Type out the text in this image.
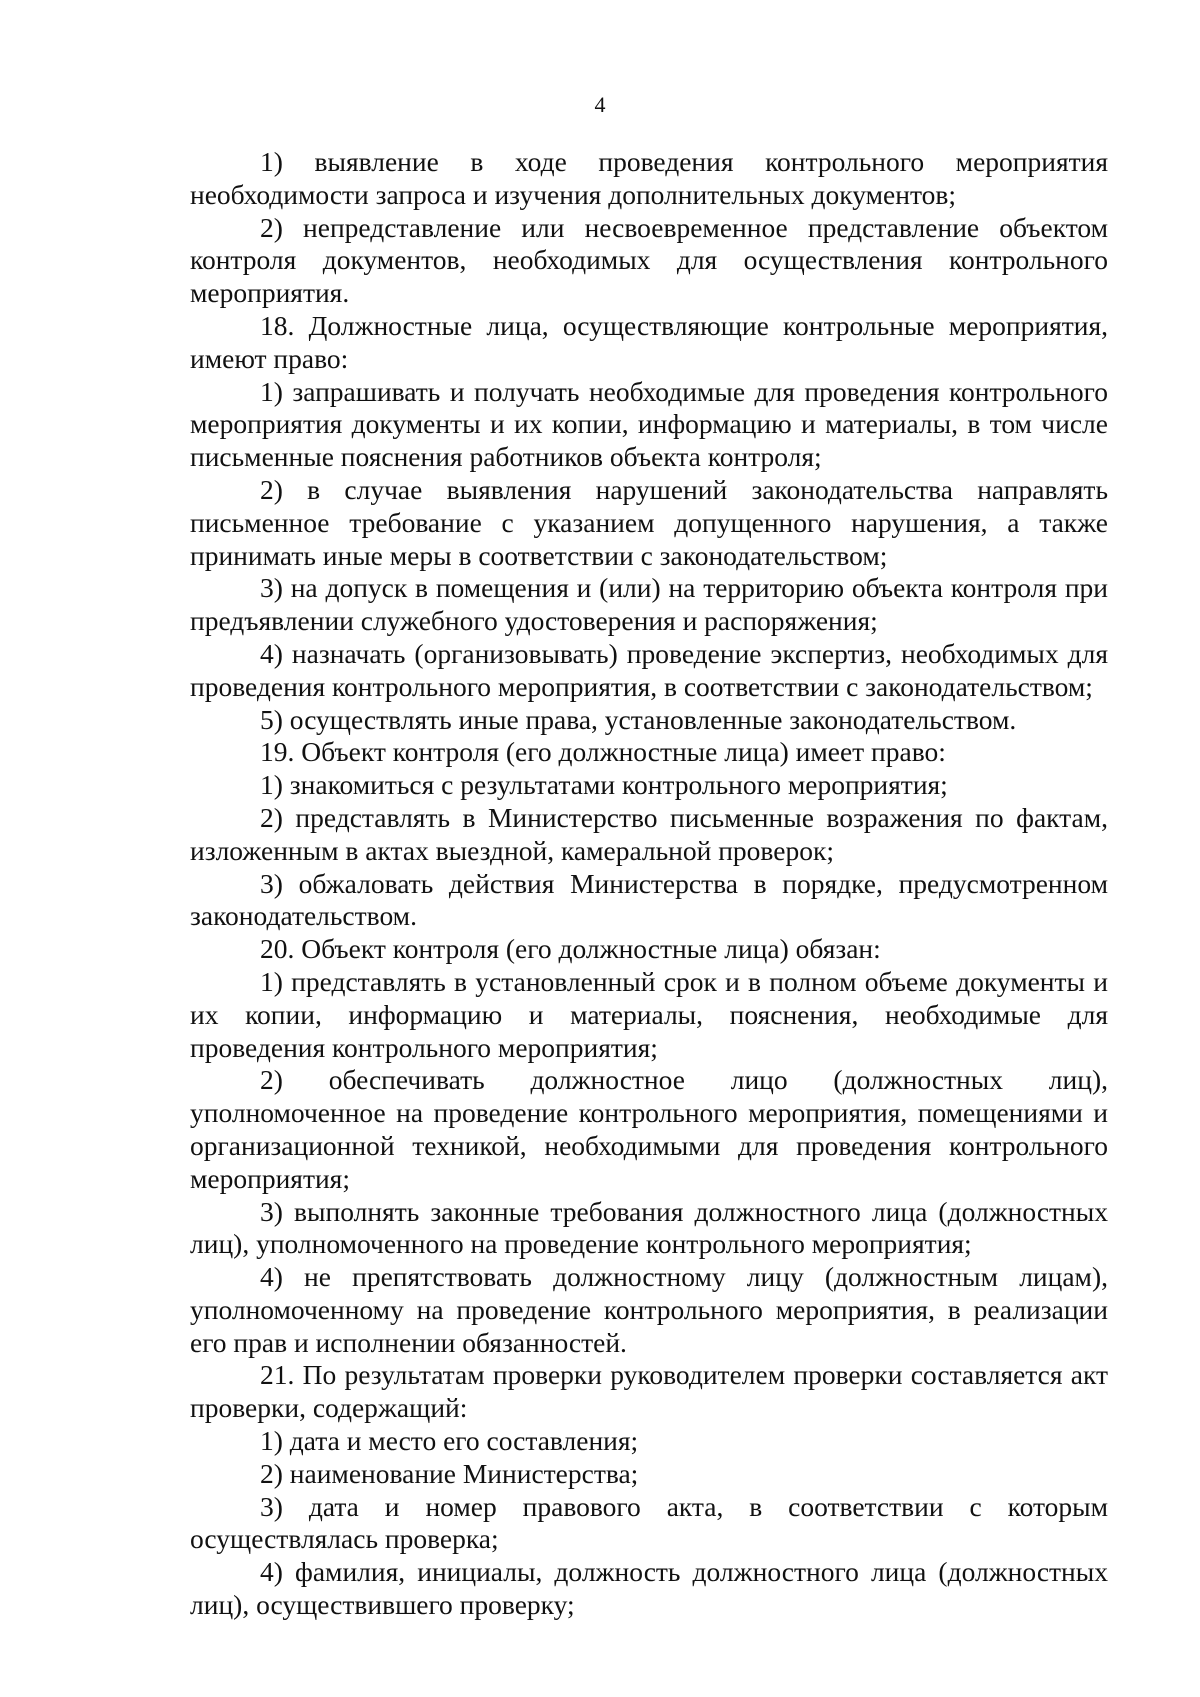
4

1) выявление в ходе проведения контрольного мероприятия необходимости запроса и изучения дополнительных документов;

2) непредставление или несвоевременное представление объектом контроля документов, необходимых для осуществления контрольного мероприятия.

18. Должностные лица, осуществляющие контрольные мероприятия, имеют право:

1) запрашивать и получать необходимые для проведения контрольного мероприятия документы и их копии, информацию и материалы, в том числе письменные пояснения работников объекта контроля;

2) в случае выявления нарушений законодательства направлять письменное требование с указанием допущенного нарушения, а также принимать иные меры в соответствии с законодательством;

3) на допуск в помещения и (или) на территорию объекта контроля при предъявлении служебного удостоверения и распоряжения;

4) назначать (организовывать) проведение экспертиз, необходимых для проведения контрольного мероприятия, в соответствии с законодательством;

5) осуществлять иные права, установленные законодательством.

19. Объект контроля (его должностные лица) имеет право:

1) знакомиться с результатами контрольного мероприятия;

2) представлять в Министерство письменные возражения по фактам, изложенным в актах выездной, камеральной проверок;

3) обжаловать действия Министерства в порядке, предусмотренном законодательством.

20. Объект контроля (его должностные лица) обязан:

1) представлять в установленный срок и в полном объеме документы и их копии, информацию и материалы, пояснения, необходимые для проведения контрольного мероприятия;

2) обеспечивать должностное лицо (должностных лиц), уполномоченное на проведение контрольного мероприятия, помещениями и организационной техникой, необходимыми для проведения контрольного мероприятия;

3) выполнять законные требования должностного лица (должностных лиц), уполномоченного на проведение контрольного мероприятия;

4) не препятствовать должностному лицу (должностным лицам), уполномоченному на проведение контрольного мероприятия, в реализации его прав и исполнении обязанностей.

21. По результатам проверки руководителем проверки составляется акт проверки, содержащий:

1) дата и место его составления;

2) наименование Министерства;

3) дата и номер правового акта, в соответствии с которым осуществлялась проверка;

4) фамилия, инициалы, должность должностного лица (должностных лиц), осуществившего проверку;
